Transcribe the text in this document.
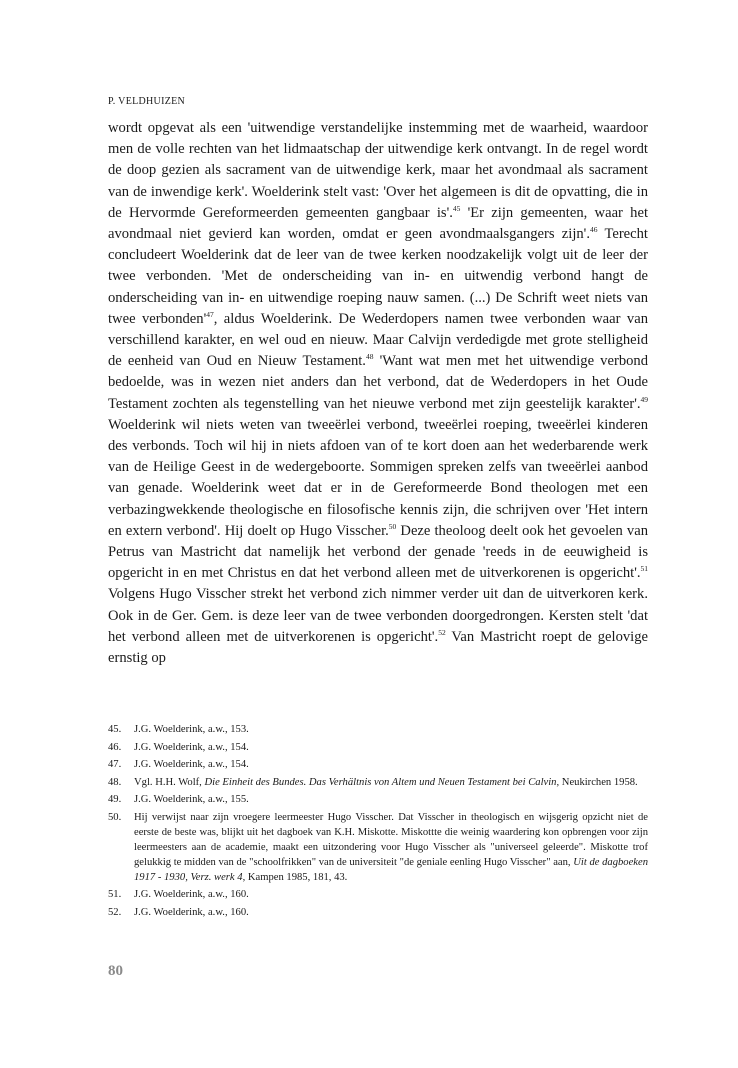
P. VELDHUIZEN

wordt opgevat als een 'uitwendige verstandelijke instemming met de waarheid, waardoor men de volle rechten van het lidmaatschap der uitwendige kerk ontvangt. In de regel wordt de doop gezien als sacrament van de uitwendige kerk, maar het avondmaal als sacrament van de inwendige kerk'. Woelderink stelt vast: 'Over het algemeen is dit de opvatting, die in de Hervormde Gereformeerden gemeenten gangbaar is'.$^{45}$ 'Er zijn gemeenten, waar het avondmaal niet gevierd kan worden, omdat er geen avondmaalsgangers zijn'.$^{46}$ Terecht concludeert Woelderink dat de leer van de twee kerken noodzakelijk volgt uit de leer der twee verbonden. 'Met de onderscheiding van in- en uitwendig verbond hangt de onderscheiding van in- en uitwendige roeping nauw samen. (...) De Schrift weet niets van twee $verbonden'^{47}$, aldus Woelderink. De Wederdopers namen twee verbonden waar van verschillend karakter, en wel oud en nieuw. Maar Calvijn verdedigde met grote stelligheid de eenheid van Oud en Nieuw Testament.$^{48}$ 'Want wat men met het uitwendige verbond bedoelde, was in wezen niet anders dan het verbond, dat de Wederdopers in het Oude Testament zochten als tegenstelling van het nieuwe verbond met zijn geestelijk karakter'.$^{49}$ Woelderink wil niets weten van tweeërlei verbond, tweeërlei roeping, tweeërlei kinderen des verbonds. Toch wil hij in niets afdoen van of te kort doen aan het wederbarende werk van de Heilige Geest in de wedergeboorte. Sommigen spreken zelfs van tweeërlei aanbod van genade. Woelderink weet dat er in de Gereformeerde Bond theologen met een verbazingwekkende theologische en filosofische kennis zijn, die schrijven over 'Het intern en extern verbond'. Hij doelt op Hugo Visscher.$^{50}$ Deze theoloog deelt ook het gevoelen van Petrus van Mastricht dat namelijk het verbond der genade 'reeds in de eeuwigheid is opgericht in en met Christus en dat het verbond alleen met de uitverkorenen is opgericht'.$^{51}$ Volgens Hugo Visscher strekt het verbond zich nimmer verder uit dan de uitverkoren kerk. Ook in de Ger. Gem. is deze leer van de twee verbonden doorgedrongen. Kersten stelt 'dat het verbond alleen met de uitverkorenen is opgericht'.$^{52}$ Van Mastricht roept de gelovige ernstig op

45.	J.G. Woelderink, a.w., 153.
46.	J.G. Woelderink, a.w., 154.
47.	J.G. Woelderink, a.w., 154.
48.	Vgl. H.H. Wolf, Die Einheit des Bundes. Das Verhältnis von Altem und Neuen Testament bei Calvin, Neukirchen 1958.
49.	J.G. Woelderink, a.w., 155.
50.	Hij verwijst naar zijn vroegere leermeester Hugo Visscher. Dat Visscher in theologisch en wijsgerig opzicht niet de eerste de beste was, blijkt uit het dagboek van K.H. Miskotte. Miskottte die weinig waardering kon opbrengen voor zijn leermeesters aan de academie, maakt een uitzondering voor Hugo Visscher als "universeel geleerde". Miskotte trof gelukkig te midden van de "schoolfrikken" van de universiteit "de geniale eenling Hugo Visscher" aan, Uit de dagboeken 1917 - 1930, Verz. werk 4, Kampen 1985, 181, 43.
51.	J.G. Woelderink, a.w., 160.
52.	J.G. Woelderink, a.w., 160.
80
